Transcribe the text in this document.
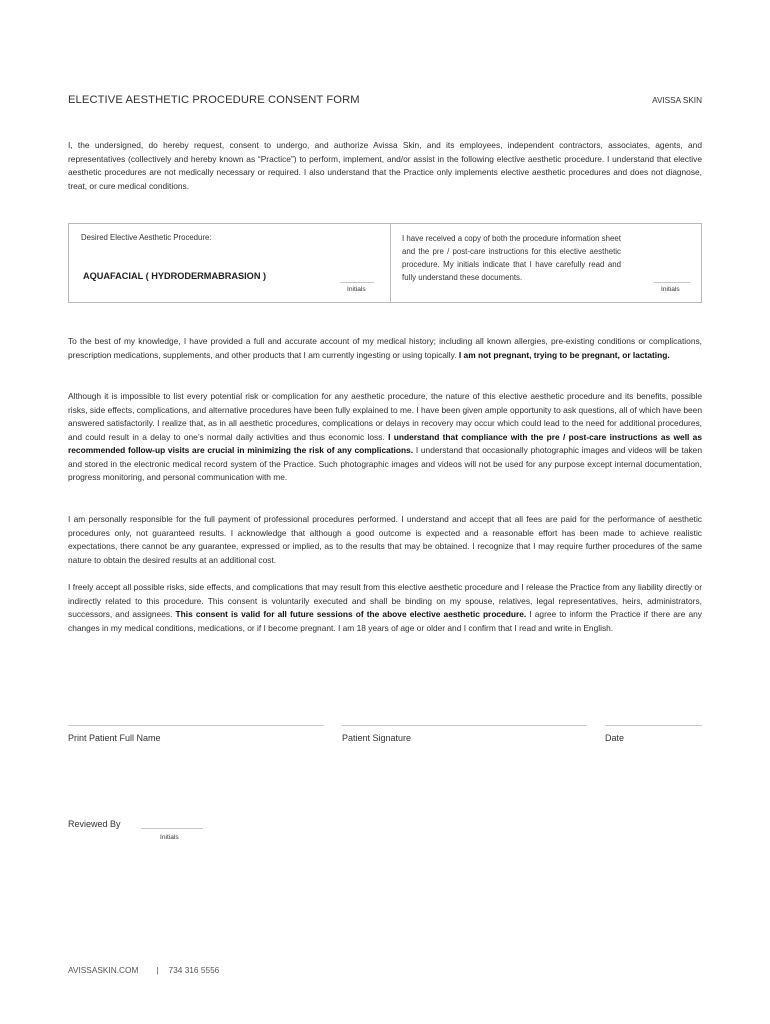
ELECTIVE AESTHETIC PROCEDURE CONSENT FORM	AVISSA SKIN

I, the undersigned, do hereby request, consent to undergo, and authorize Avissa Skin, and its employees, independent contractors, associates, agents, and representatives (collectively and hereby known as “Practice”) to perform, implement, and/or assist in the following elective aesthetic procedure. I understand that elective aesthetic procedures are not medically necessary or required. I also understand that the Practice only implements elective aesthetic procedures and does not diagnose, treat, or cure medical conditions.

Desired Elective Aesthetic Procedure:
AQUAFACIAL ( HYDRODERMABRASION )
Initials

I have received a copy of both the procedure information sheet and the pre / post-care instructions for this elective aesthetic procedure. My initials indicate that I have carefully read and fully understand these documents.

Initials

To the best of my knowledge, I have provided a full and accurate account of my medical history; including all known allergies, pre-existing conditions or complications, prescription medications, supplements, and other products that I am currently ingesting or using topically. I am not pregnant, trying to be pregnant, or lactating.

Although it is impossible to list every potential risk or complication for any aesthetic procedure, the nature of this elective aesthetic procedure and its benefits, possible risks, side effects, complications, and alternative procedures have been fully explained to me. I have been given ample opportunity to ask questions, all of which have been answered satisfactorily. I realize that, as in all aesthetic procedures, complications or delays in recovery may occur which could lead to the need for additional procedures, and could result in a delay to one’s normal daily activities and thus economic loss. I understand that compliance with the pre / post-care instructions as well as recommended follow-up visits are crucial in minimizing the risk of any complications. I understand that occasionally photographic images and videos will be taken and stored in the electronic medical record system of the Practice. Such photographic images and videos will not be used for any purpose except internal documentation, progress monitoring, and personal communication with me.

I am personally responsible for the full payment of professional procedures performed. I understand and accept that all fees are paid for the performance of aesthetic procedures only, not guaranteed results. I acknowledge that although a good outcome is expected and a reasonable effort has been made to achieve realistic expectations, there cannot be any guarantee, expressed or implied, as to the results that may be obtained. I recognize that I may require further procedures of the same nature to obtain the desired results at an additional cost.

I freely accept all possible risks, side effects, and complications that may result from this elective aesthetic procedure and I release the Practice from any liability directly or indirectly related to this procedure. This consent is voluntarily executed and shall be binding on my spouse, relatives, legal representatives, heirs, administrators, successors, and assignees. This consent is valid for all future sessions of the above elective aesthetic procedure. I agree to inform the Practice if there are any changes in my medical conditions, medications, or if I become pregnant. I am 18 years of age or older and I confirm that I read and write in English.

Print Patient Full Name	Patient Signature	Date
Reviewed By
Initials
AVISSASKIN.COM | 734 316 5556
